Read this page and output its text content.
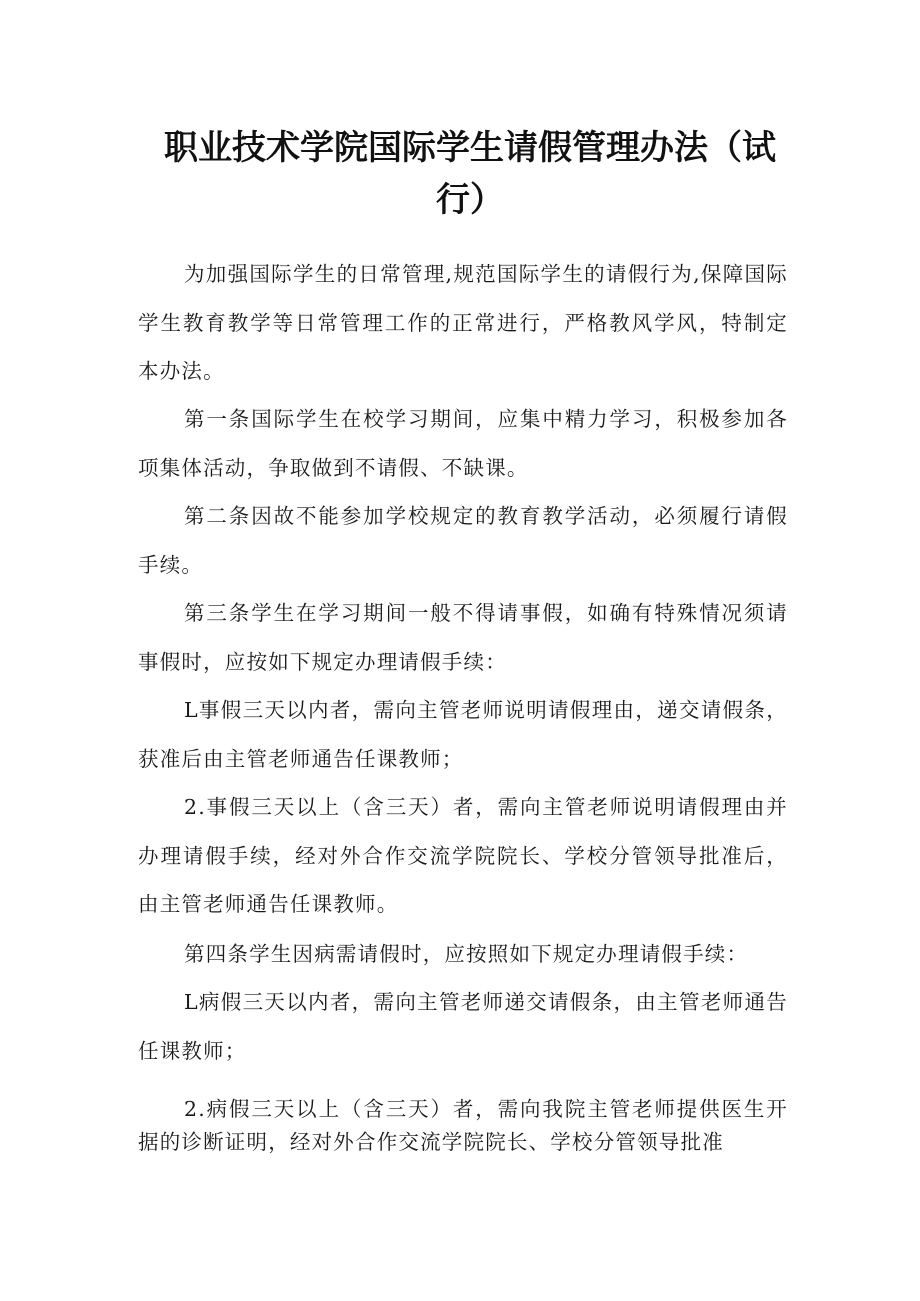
职业技术学院国际学生请假管理办法（试行）

为加强国际学生的日常管理,规范国际学生的请假行为,保障国际学生教育教学等日常管理工作的正常进行，严格教风学风，特制定本办法。

第一条国际学生在校学习期间，应集中精力学习，积极参加各项集体活动，争取做到不请假、不缺课。

第二条因故不能参加学校规定的教育教学活动，必须履行请假手续。

第三条学生在学习期间一般不得请事假，如确有特殊情况须请事假时，应按如下规定办理请假手续：

L事假三天以内者，需向主管老师说明请假理由，递交请假条，获准后由主管老师通告任课教师；

2.事假三天以上（含三天）者，需向主管老师说明请假理由并办理请假手续，经对外合作交流学院院长、学校分管领导批准后，由主管老师通告任课教师。

第四条学生因病需请假时，应按照如下规定办理请假手续：

L病假三天以内者，需向主管老师递交请假条，由主管老师通告任课教师；

2.病假三天以上（含三天）者，需向我院主管老师提供医生开据的诊断证明，经对外合作交流学院院长、学校分管领导批准
